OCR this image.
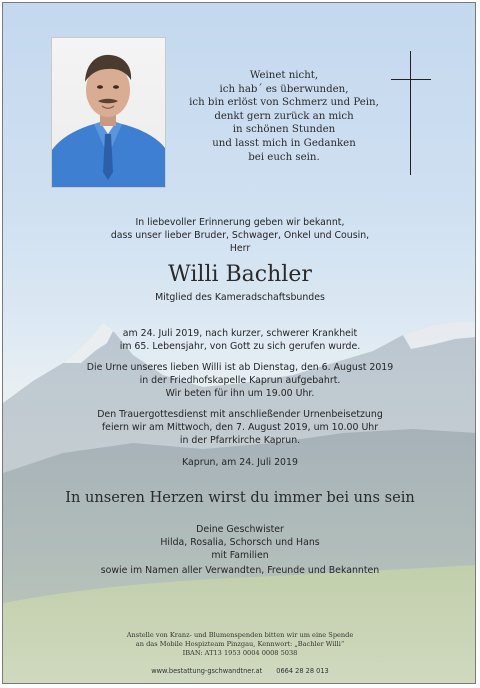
Weinet nicht,
ich hab´ es überwunden,
ich bin erlöst von Schmerz und Pein,
denkt gern zurück an mich
in schönen Stunden
und lasst mich in Gedanken
bei euch sein.
In liebevoller Erinnerung geben wir bekannt,
dass unser lieber Bruder, Schwager, Onkel und Cousin,
Herr
Willi Bachler
Mitglied des Kameradschaftsbundes
am 24. Juli 2019, nach kurzer, schwerer Krankheit
im 65. Lebensjahr, von Gott zu sich gerufen wurde.
Die Urne unseres lieben Willi ist ab Dienstag, den 6. August 2019
in der Friedhofskapelle Kaprun aufgebahrt.
Wir beten für ihn um 19.00 Uhr.
Den Trauergottesdienst mit anschließender Urnenbeisetzung
feiern wir am Mittwoch, den 7. August 2019, um 10.00 Uhr
in der Pfarrkirche Kaprun.
Kaprun, am 24. Juli 2019
In unseren Herzen wirst du immer bei uns sein
Deine Geschwister
Hilda, Rosalia, Schorsch und Hans
mit Familien
sowie im Namen aller Verwandten, Freunde und Bekannten
Anstelle von Kranz- und Blumenspenden bitten wir um eine Spende
an das Mobile Hospizteam Pinzgau, Kennwort: „Bachler Willi“
IBAN: AT13 1953 0004 0008 5038
www.bestattung-gschwandtner.at 0664 28 28 013
